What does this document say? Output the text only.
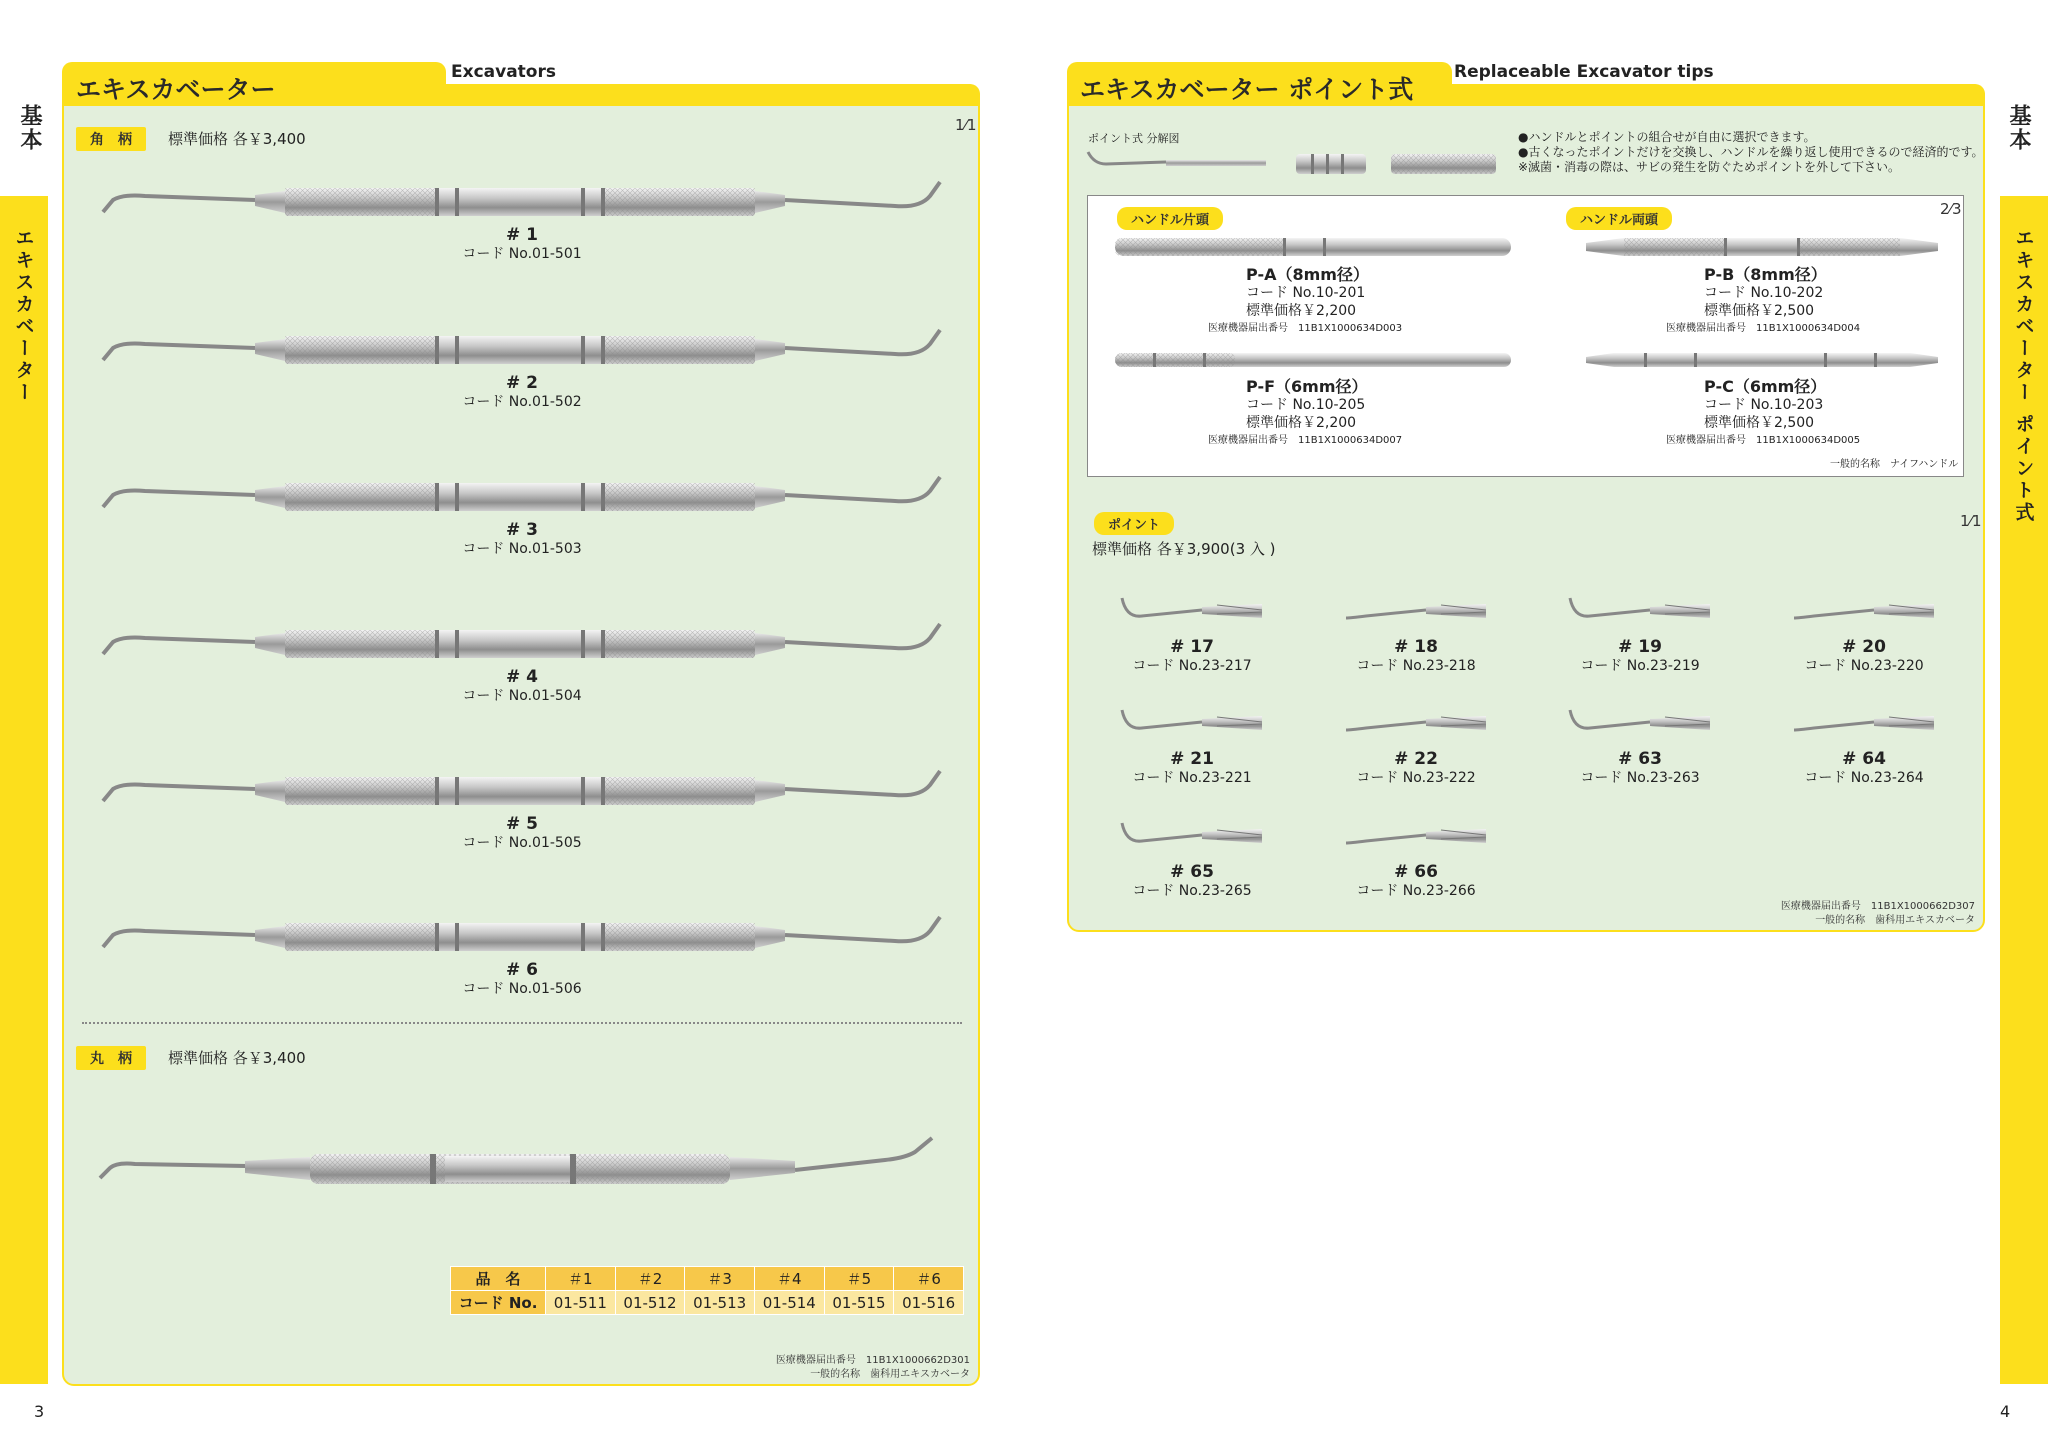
基本
エキスカベーター
3
基本
エキスカベーター ポイント式
4
エキスカベーター
Excavators
角　柄	標準価格 各￥3,400
1⁄1
# 1
コード No.01-501
# 2
コード No.01-502
# 3
コード No.01-503
# 4
コード No.01-504
# 5
コード No.01-505
# 6
コード No.01-506
丸　柄	標準価格 各￥3,400
品　名	＃1	＃2	＃3	＃4	＃5	＃6
コード No.	01-511	01-512	01-513	01-514	01-515	01-516
医療機器届出番号　11B1X1000662D301
一般的名称　歯科用エキスカベータ
エキスカベーター ポイント式
Replaceable Excavator tips
ポイント式 分解図	●ハンドルとポイントの組合せが自由に選択できます。
●古くなったポイントだけを交換し、ハンドルを繰り返し使用できるので経済的です。
※滅菌・消毒の際は、サビの発生を防ぐためポイントを外して下さい。
ハンドル片頭	ハンドル両頭
2⁄3
P-A（8mm径）
コード No.10-201
標準価格￥2,200
医療機器届出番号　11B1X1000634D003
P-B（8mm径）
コード No.10-202
標準価格￥2,500
医療機器届出番号　11B1X1000634D004
P-F（6mm径）
コード No.10-205
標準価格￥2,200
医療機器届出番号　11B1X1000634D007
P-C（6mm径）
コード No.10-203
標準価格￥2,500
医療機器届出番号　11B1X1000634D005
一般的名称　ナイフハンドル
ポイント
標準価格 各￥3,900(3 入 )
1⁄1
# 17
コード No.23-217
# 18
コード No.23-218
# 19
コード No.23-219
# 20
コード No.23-220
# 21
コード No.23-221
# 22
コード No.23-222
# 63
コード No.23-263
# 64
コード No.23-264
# 65
コード No.23-265
# 66
コード No.23-266
医療機器届出番号　11B1X1000662D307
一般的名称　歯科用エキスカベータ
